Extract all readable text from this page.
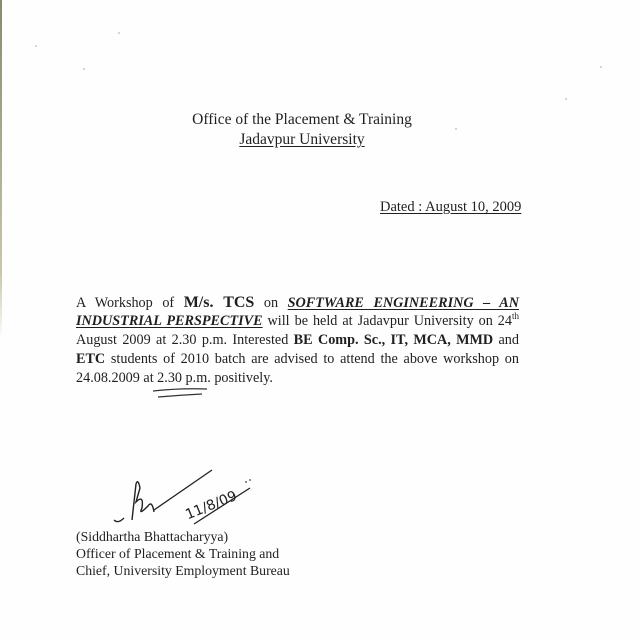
Office of the Placement & Training
Jadavpur University
Dated : August 10, 2009
A Workshop of M/s. TCS on SOFTWARE ENGINEERING – AN
INDUSTRIAL PERSPECTIVE will be held at Jadavpur University on 24th
August 2009 at 2.30 p.m. Interested BE Comp. Sc., IT, MCA, MMD and
ETC students of 2010 batch are advised to attend the above workshop on
24.08.2009 at 2.30 p.m. positively.
11/8/09
(Siddhartha Bhattacharyya)
Officer of Placement & Training and
Chief, University Employment Bureau
